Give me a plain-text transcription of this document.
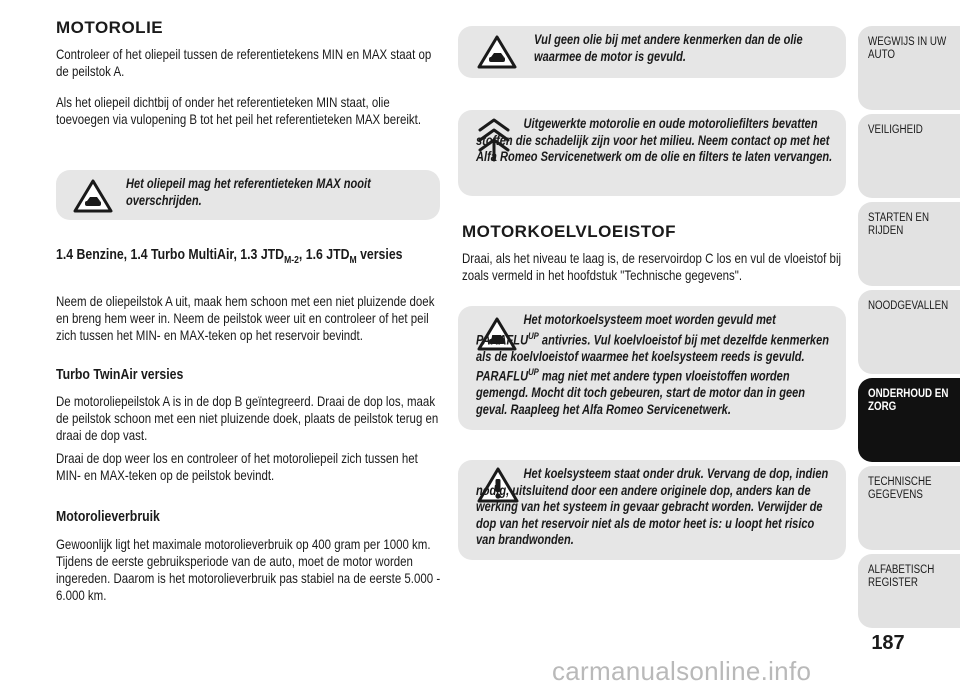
MOTOROLIE
Controleer of het oliepeil tussen de referentietekens MIN en MAX staat op de peilstok A.
Als het oliepeil dichtbij of onder het referentieteken MIN staat, olie toevoegen via vulopening B tot het peil het referentieteken MAX bereikt.
Het oliepeil mag het referentieteken MAX nooit overschrijden.
1.4 Benzine, 1.4 Turbo MultiAir, 1.3 $JTD_{M-2}$, 1.6 $JTD_M$ versies
Neem de oliepeilstok A uit, maak hem schoon met een niet pluizende doek en breng hem weer in. Neem de peilstok weer uit en controleer of het peil zich tussen het MIN- en MAX-teken op het reservoir bevindt.
Turbo TwinAir versies
De motoroliepeilstok A is in de dop B geïntegreerd. Draai de dop los, maak de peilstok schoon met een niet pluizende doek, plaats de peilstok terug en draai de dop vast.
Draai de dop weer los en controleer of het motoroliepeil zich tussen het MIN- en MAX-teken op de peilstok bevindt.
Motorolieverbruik
Gewoonlijk ligt het maximale motorolieverbruik op 400 gram per 1000 km. Tijdens de eerste gebruiksperiode van de auto, moet de motor worden ingereden. Daarom is het motorolieverbruik pas stabiel na de eerste 5.000 - 6.000 km.
Vul geen olie bij met andere kenmerken dan de olie waarmee de motor is gevuld.
Uitgewerkte motorolie en oude motoroliefilters bevatten stoffen die schadelijk zijn voor het milieu. Neem contact op met het Alfa Romeo Servicenetwerk om de olie en filters te laten vervangen.
MOTORKOELVLOEISTOF
Draai, als het niveau te laag is, de reservoirdop C los en vul de vloeistof bij zoals vermeld in het hoofdstuk "Technische gegevens".
Het motorkoelsysteem moet worden gevuld met $PARAFLU^{UP}$ antivries. Vul koelvloeistof bij met dezelfde kenmerken als de koelvloeistof waarmee het koelsysteem reeds is gevuld. $PARAFLU^{UP}$ mag niet met andere typen vloeistoffen worden gemengd. Mocht dit toch gebeuren, start de motor dan in geen geval. Raapleeg het Alfa Romeo Servicenetwerk.
Het koelsysteem staat onder druk. Vervang de dop, indien nodig, uitsluitend door een andere originele dop, anders kan de werking van het systeem in gevaar gebracht worden. Verwijder de dop van het reservoir niet als de motor heet is: u loopt het risico van brandwonden.
WEGWIJS IN UW AUTO
VEILIGHEID
STARTEN EN RIJDEN
NOODGEVALLEN
ONDERHOUD EN ZORG
TECHNISCHE GEGEVENS
ALFABETISCH REGISTER
187
carmanualsonline.info
